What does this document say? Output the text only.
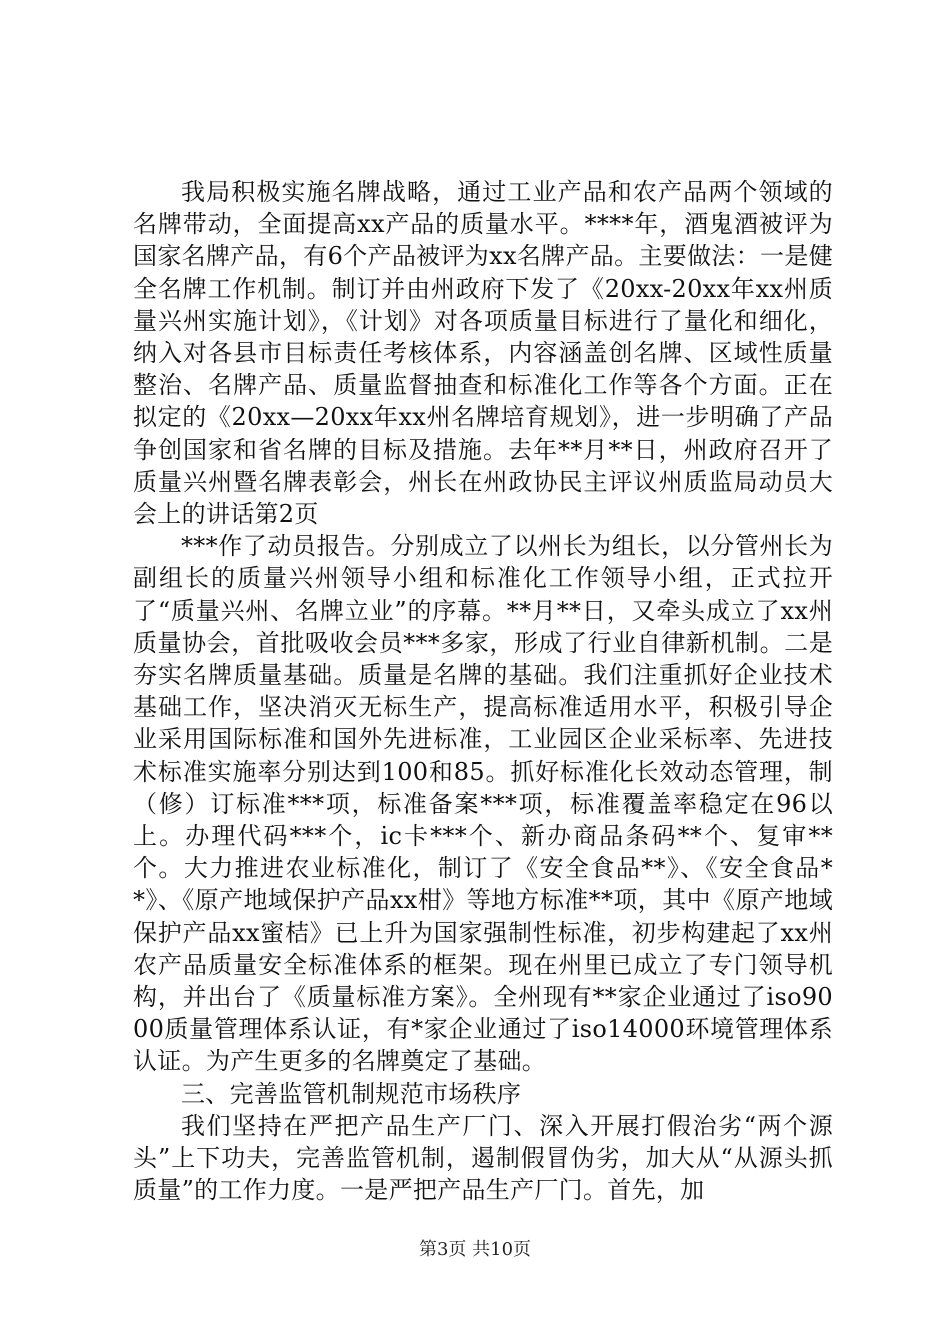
我局积极实施名牌战略，通过工业产品和农产品两个领域的名牌带动，全面提高xx产品的质量水平。****年，酒鬼酒被评为国家名牌产品，有6个产品被评为xx名牌产品。主要做法：一是健全名牌工作机制。制订并由州政府下发了《20xx-20xx年xx州质量兴州实施计划》，《计划》对各项质量目标进行了量化和细化，纳入对各县市目标责任考核体系，内容涵盖创名牌、区域性质量整治、名牌产品、质量监督抽查和标准化工作等各个方面。正在拟定的《20xx—20xx年xx州名牌培育规划》，进一步明确了产品争创国家和省名牌的目标及措施。去年**月**日，州政府召开了质量兴州暨名牌表彰会，州长在州政协民主评议州质监局动员大会上的讲话第2页

***作了动员报告。分别成立了以州长为组长，以分管州长为副组长的质量兴州领导小组和标准化工作领导小组，正式拉开了“质量兴州、名牌立业”的序幕。**月**日，又牵头成立了xx州质量协会，首批吸收会员***多家，形成了行业自律新机制。二是夯实名牌质量基础。质量是名牌的基础。我们注重抓好企业技术基础工作，坚决消灭无标生产，提高标准适用水平，积极引导企业采用国际标准和国外先进标准，工业园区企业采标率、先进技术标准实施率分别达到100和85。抓好标准化长效动态管理，制（修）订标准***项，标准备案***项，标准覆盖率稳定在96以上。办理代码***个，ic卡***个、新办商品条码**个、复审**个。大力推进农业标准化，制订了《安全食品**》、《安全食品**》、《原产地域保护产品xx柑》等地方标准**项，其中《原产地域保护产品xx蜜桔》已上升为国家强制性标准，初步构建起了xx州农产品质量安全标准体系的框架。现在州里已成立了专门领导机构，并出台了《质量标准方案》。全州现有**家企业通过了iso9000质量管理体系认证，有*家企业通过了iso14000环境管理体系认证。为产生更多的名牌奠定了基础。

三、完善监管机制规范市场秩序

我们坚持在严把产品生产厂门、深入开展打假治劣“两个源头”上下功夫，完善监管机制，遏制假冒伪劣，加大从“从源头抓质量”的工作力度。一是严把产品生产厂门。首先，加

第3页 共10页
